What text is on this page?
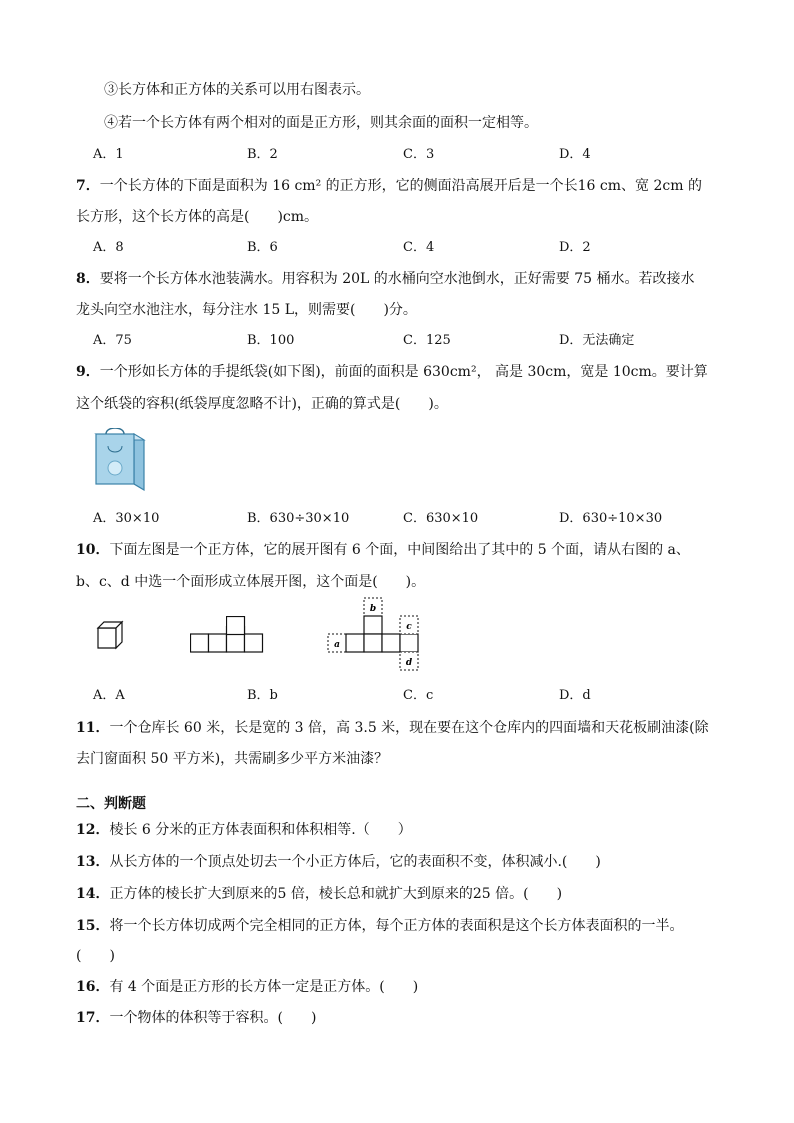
③长方体和正方体的关系可以用右图表示。
④若一个长方体有两个相对的面是正方形，则其余面的面积一定相等。
A．1	B．2	C．3	D．4
7．一个长方体的下面是面积为 16 cm² 的正方形，它的侧面沿高展开后是一个长16 cm、宽 2cm 的
长方形，这个长方体的高是(　　)cm。
A．8	B．6	C．4	D．2
8．要将一个长方体水池装满水。用容积为 20L 的水桶向空水池倒水，正好需要 75 桶水。若改接水
龙头向空水池注水，每分注水 15 L，则需要(　　)分。
A．75	B．100	C．125	D．无法确定
9．一个形如长方体的手提纸袋(如下图)，前面的面积是 630cm²， 高是 30cm，宽是 10cm。要计算
这个纸袋的容积(纸袋厚度忽略不计)，正确的算式是(　　)。
A．30×10	B．630÷30×10	C．630×10	D．630÷10×30
10．下面左图是一个正方体，它的展开图有 6 个面，中间图给出了其中的 5 个面，请从右图的 a、
b、c、d 中选一个面形成立体展开图，这个面是(　　)。
b
a
c
d
A．A	B．b	C．c	D．d
11．一个仓库长 60 米，长是宽的 3 倍，高 3.5 米，现在要在这个仓库内的四面墙和天花板刷油漆(除
去门窗面积 50 平方米)，共需刷多少平方米油漆？
二、判断题
12．棱长 6 分米的正方体表面积和体积相等.（　　）
13．从长方体的一个顶点处切去一个小正方体后，它的表面积不变，体积减小.(　　)
14．正方体的棱长扩大到原来的5 倍，棱长总和就扩大到原来的25 倍。(　　)
15．将一个长方体切成两个完全相同的正方体，每个正方体的表面积是这个长方体表面积的一半。
(　　)
16．有 4 个面是正方形的长方体一定是正方体。(　　)
17．一个物体的体积等于容积。(　　)
